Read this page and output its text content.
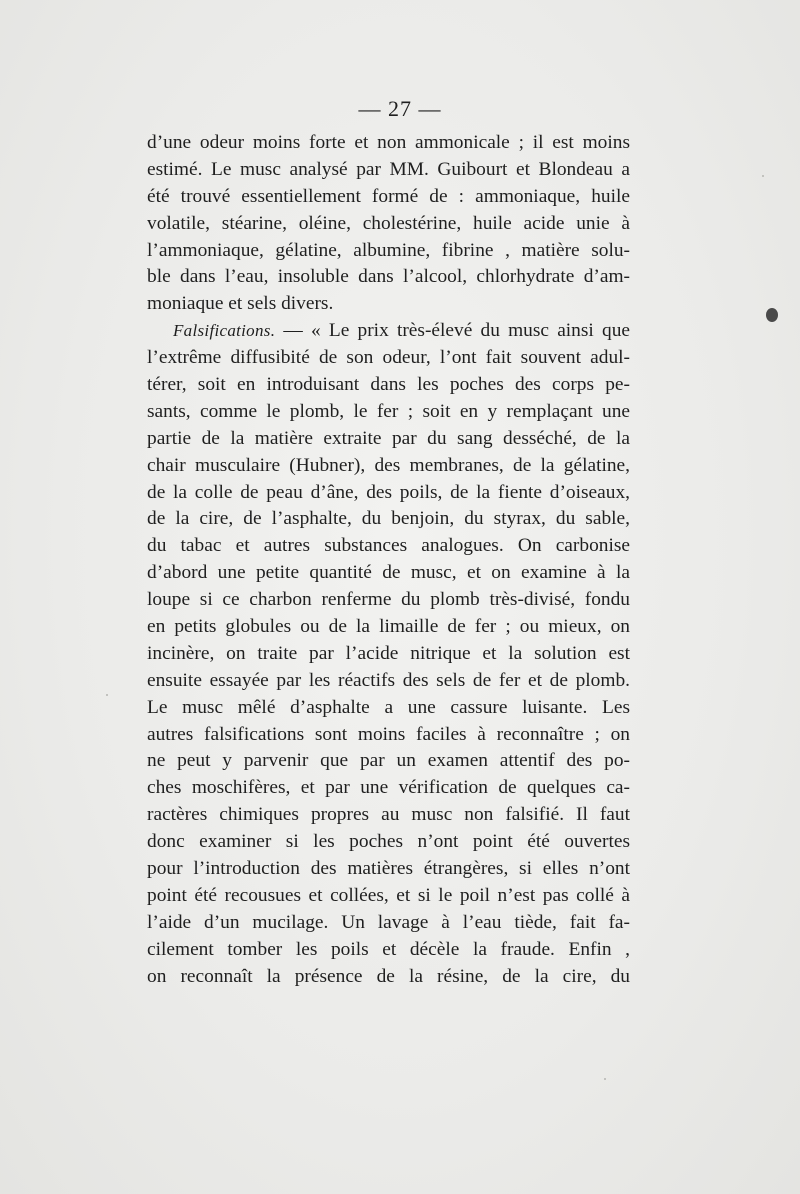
— 27 —
d’une odeur moins forte et non ammonicale ; il est moins
estimé. Le musc analysé par MM. Guibourt et Blondeau a
été trouvé essentiellement formé de : ammoniaque, huile
volatile, stéarine, oléine, cholestérine, huile acide unie à
l’ammoniaque, gélatine, albumine, fibrine , matière solu-
ble dans l’eau, insoluble dans l’alcool, chlorhydrate d’am-
moniaque et sels divers.
Falsifications. — « Le prix très-élevé du musc ainsi que
l’extrême diffusibité de son odeur, l’ont fait souvent adul-
térer, soit en introduisant dans les poches des corps pe-
sants, comme le plomb, le fer ; soit en y remplaçant une
partie de la matière extraite par du sang desséché, de la
chair musculaire (Hubner), des membranes, de la gélatine,
de la colle de peau d’âne, des poils, de la fiente d’oiseaux,
de la cire, de l’asphalte, du benjoin, du styrax, du sable,
du tabac et autres substances analogues. On carbonise
d’abord une petite quantité de musc, et on examine à la
loupe si ce charbon renferme du plomb très-divisé, fondu
en petits globules ou de la limaille de fer ; ou mieux, on
incinère, on traite par l’acide nitrique et la solution est
ensuite essayée par les réactifs des sels de fer et de plomb.
Le musc mêlé d’asphalte a une cassure luisante. Les
autres falsifications sont moins faciles à reconnaître ; on
ne peut y parvenir que par un examen attentif des po-
ches moschifères, et par une vérification de quelques ca-
ractères chimiques propres au musc non falsifié. Il faut
donc examiner si les poches n’ont point été ouvertes
pour l’introduction des matières étrangères, si elles n’ont
point été recousues et collées, et si le poil n’est pas collé à
l’aide d’un mucilage. Un lavage à l’eau tiède, fait fa-
cilement tomber les poils et décèle la fraude. Enfin ,
on reconnaît la présence de la résine, de la cire, du
